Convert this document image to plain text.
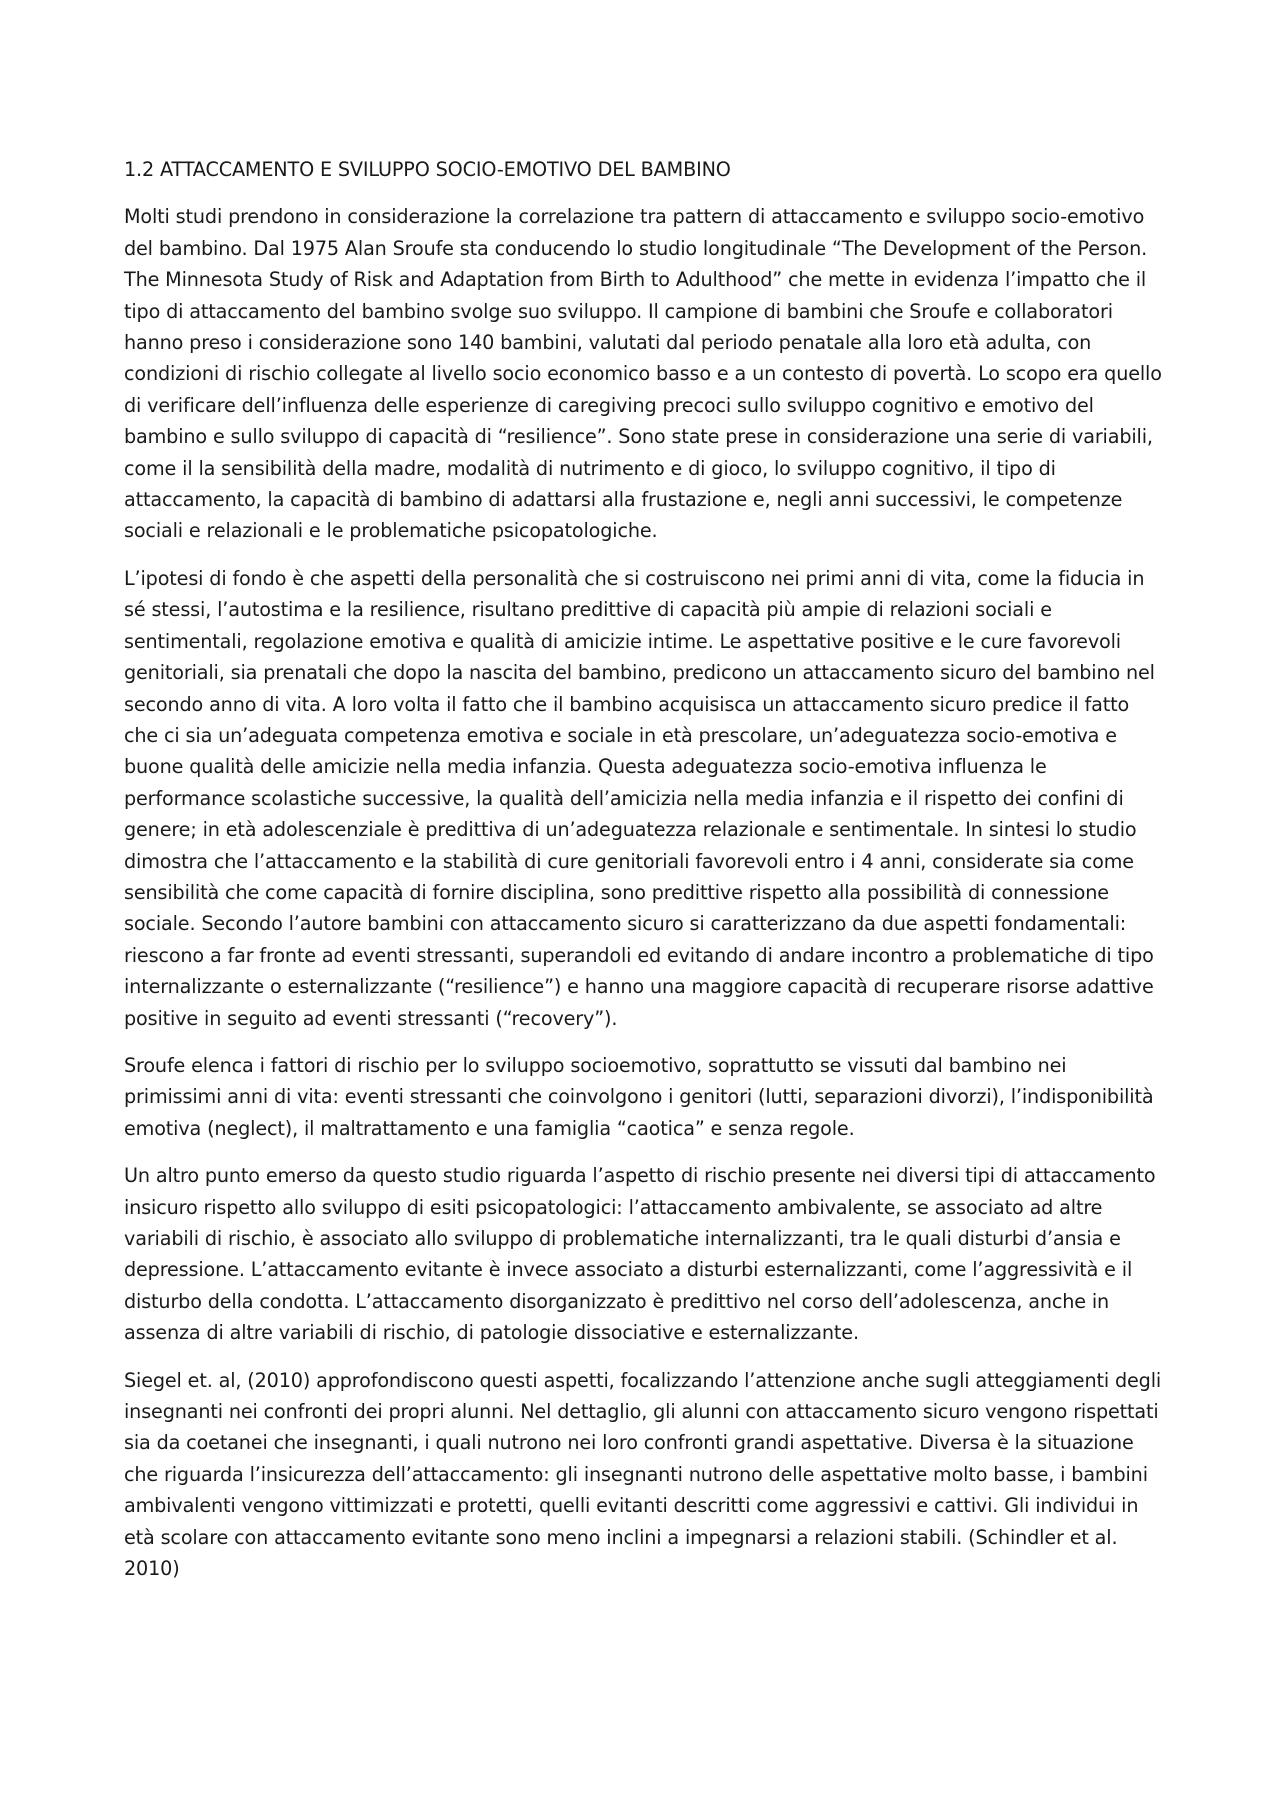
1.2 ATTACCAMENTO E SVILUPPO SOCIO-EMOTIVO DEL BAMBINO

Molti studi prendono in considerazione la correlazione tra pattern di attaccamento e sviluppo socio-emotivo del bambino. Dal 1975 Alan Sroufe sta conducendo lo studio longitudinale “The Development of the Person. The Minnesota Study of Risk and Adaptation from Birth to Adulthood” che mette in evidenza l’impatto che il tipo di attaccamento del bambino svolge suo sviluppo. Il campione di bambini che Sroufe e collaboratori hanno preso i considerazione sono 140 bambini, valutati dal periodo penatale alla loro età adulta, con condizioni di rischio collegate al livello socio economico basso e a un contesto di povertà. Lo scopo era quello di verificare dell’influenza delle esperienze di caregiving precoci sullo sviluppo cognitivo e emotivo del bambino e sullo sviluppo di capacità di “resilience”. Sono state prese in considerazione una serie di variabili, come il la sensibilità della madre, modalità di nutrimento e di gioco, lo sviluppo cognitivo, il tipo di attaccamento, la capacità di bambino di adattarsi alla frustazione e, negli anni successivi, le competenze sociali e relazionali e le problematiche psicopatologiche.

L’ipotesi di fondo è che aspetti della personalità che si costruiscono nei primi anni di vita, come la fiducia in sé stessi, l’autostima e la resilience, risultano predittive di capacità più ampie di relazioni sociali e sentimentali, regolazione emotiva e qualità di amicizie intime. Le aspettative positive e le cure favorevoli genitoriali, sia prenatali che dopo la nascita del bambino, predicono un attaccamento sicuro del bambino nel secondo anno di vita. A loro volta il fatto che il bambino acquisisca un attaccamento sicuro predice il fatto che ci sia un’adeguata competenza emotiva e sociale in età prescolare, un’adeguatezza socio-emotiva e buone qualità delle amicizie nella media infanzia. Questa adeguatezza socio-emotiva influenza le performance scolastiche successive, la qualità dell’amicizia nella media infanzia e il rispetto dei confini di genere; in età adolescenziale è predittiva di un’adeguatezza relazionale e sentimentale. In sintesi lo studio dimostra che l’attaccamento e la stabilità di cure genitoriali favorevoli entro i 4 anni, considerate sia come sensibilità che come capacità di fornire disciplina, sono predittive rispetto alla possibilità di connessione sociale. Secondo l’autore bambini con attaccamento sicuro si caratterizzano da due aspetti fondamentali: riescono a far fronte ad eventi stressanti, superandoli ed evitando di andare incontro a problematiche di tipo internalizzante o esternalizzante (“resilience”) e hanno una maggiore capacità di recuperare risorse adattive positive in seguito ad eventi stressanti (“recovery”).

Sroufe elenca i fattori di rischio per lo sviluppo socioemotivo, soprattutto se vissuti dal bambino nei primissimi anni di vita: eventi stressanti che coinvolgono i genitori (lutti, separazioni divorzi), l’indisponibilità emotiva (neglect), il maltrattamento e una famiglia “caotica” e senza regole.

Un altro punto emerso da questo studio riguarda l’aspetto di rischio presente nei diversi tipi di attaccamento insicuro rispetto allo sviluppo di esiti psicopatologici: l’attaccamento ambivalente, se associato ad altre variabili di rischio, è associato allo sviluppo di problematiche internalizzanti, tra le quali disturbi d’ansia e depressione. L’attaccamento evitante è invece associato a disturbi esternalizzanti, come l’aggressività e il disturbo della condotta. L’attaccamento disorganizzato è predittivo nel corso dell’adolescenza, anche in assenza di altre variabili di rischio, di patologie dissociative e esternalizzante.

Siegel et. al, (2010) approfondiscono questi aspetti, focalizzando l’attenzione anche sugli atteggiamenti degli insegnanti nei confronti dei propri alunni. Nel dettaglio, gli alunni con attaccamento sicuro vengono rispettati sia da coetanei che insegnanti, i quali nutrono nei loro confronti grandi aspettative. Diversa è la situazione che riguarda l’insicurezza dell’attaccamento: gli insegnanti nutrono delle aspettative molto basse, i bambini ambivalenti vengono vittimizzati e protetti, quelli evitanti descritti come aggressivi e cattivi. Gli individui in età scolare con attaccamento evitante sono meno inclini a impegnarsi a relazioni stabili. (Schindler et al. 2010)
